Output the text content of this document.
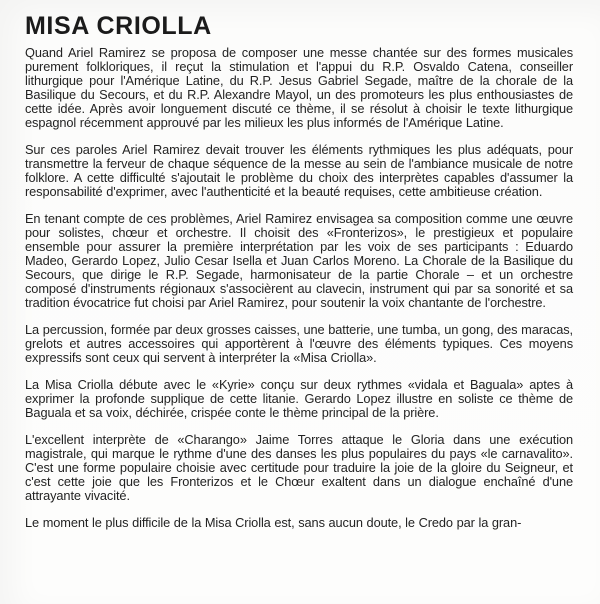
MISA CRIOLLA

Quand Ariel Ramirez se proposa de composer une messe chantée sur des formes musicales purement folkloriques, il reçut la stimulation et l'appui du R.P. Osvaldo Catena, conseiller lithurgique pour l'Amérique Latine, du R.P. Jesus Gabriel Segade, maître de la chorale de la Basilique du Secours, et du R.P. Alexandre Mayol, un des promoteurs les plus enthousiastes de cette idée. Après avoir longuement discuté ce thème, il se résolut à choisir le texte lithurgique espagnol récemment approuvé par les milieux les plus informés de l'Amérique Latine.

Sur ces paroles Ariel Ramirez devait trouver les éléments rythmiques les plus adéquats, pour transmettre la ferveur de chaque séquence de la messe au sein de l'ambiance musicale de notre folklore. A cette difficulté s'ajoutait le problème du choix des interprètes capables d'assumer la responsabilité d'exprimer, avec l'authenticité et la beauté requises, cette ambitieuse création.

En tenant compte de ces problèmes, Ariel Ramirez envisagea sa composition comme une œuvre pour solistes, chœur et orchestre. Il choisit des «Fronterizos», le prestigieux et populaire ensemble pour assurer la première interprétation par les voix de ses participants : Eduardo Madeo, Gerardo Lopez, Julio Cesar Isella et Juan Carlos Moreno. La Chorale de la Basilique du Secours, que dirige le R.P. Segade, harmonisateur de la partie Chorale – et un orchestre composé d'instruments régionaux s'associèrent au clavecin, instrument qui par sa sonorité et sa tradition évocatrice fut choisi par Ariel Ramirez, pour soutenir la voix chantante de l'orchestre.

La percussion, formée par deux grosses caisses, une batterie, une tumba, un gong, des maracas, grelots et autres accessoires qui apportèrent à l'œuvre des éléments typiques. Ces moyens expressifs sont ceux qui servent à interpréter la «Misa Criolla».

La Misa Criolla débute avec le «Kyrie» conçu sur deux rythmes «vidala et Baguala» aptes à exprimer la profonde supplique de cette litanie. Gerardo Lopez illustre en soliste ce thème de Baguala et sa voix, déchirée, crispée conte le thème principal de la prière.

L'excellent interprète de «Charango» Jaime Torres attaque le Gloria dans une exécution magistrale, qui marque le rythme d'une des danses les plus populaires du pays «le carnavalito». C'est une forme populaire choisie avec certitude pour traduire la joie de la gloire du Seigneur, et c'est cette joie que les Fronterizos et le Chœur exaltent dans un dialogue enchaîné d'une attrayante vivacité.

Le moment le plus difficile de la Misa Criolla est, sans aucun doute, le Credo par la gran-
